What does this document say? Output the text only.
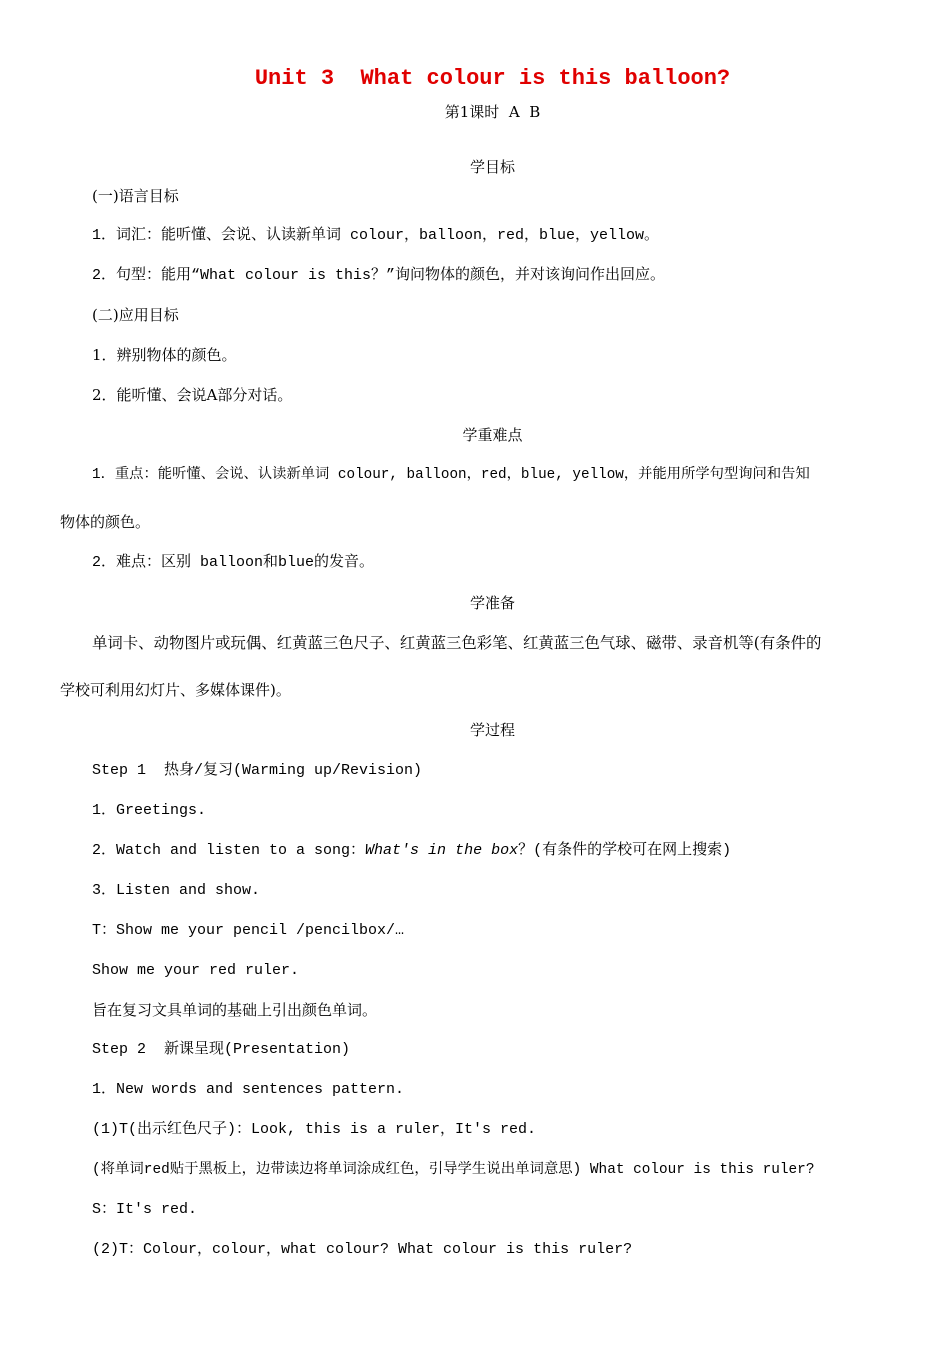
Unit 3  What colour is this balloon?
第1课时  A  B
学目标
(一)语言目标
1．词汇：能听懂、会说、认读新单词 colour，balloon，red，blue，yellow。
2．句型：能用“What colour is this？”询问物体的颜色，并对该询问作出回应。
(二)应用目标
1．辨别物体的颜色。
2．能听懂、会说A部分对话。
学重难点
1．重点：能听懂、会说、认读新单词 colour, balloon，red，blue, yellow，并能用所学句型询问和告知
物体的颜色。
2．难点：区别 balloon和blue的发音。
学准备
单词卡、动物图片或玩偶、红黄蓝三色尺子、红黄蓝三色彩笔、红黄蓝三色气球、磁带、录音机等(有条件的
学校可利用幻灯片、多媒体课件)。
学过程
Step 1  热身/复习(Warming up/Revision)
1．Greetings.
2．Watch and listen to a song：What's in the box？(有条件的学校可在网上搜索)
3．Listen and show.
T：Show me your pencil /pencilbox/…
Show me your red ruler.
旨在复习文具单词的基础上引出颜色单词。
Step 2  新课呈现(Presentation)
1．New words and sentences pattern.
(1)T(出示红色尺子)：Look, this is a ruler，It's red.
(将单词red贴于黑板上，边带读边将单词涂成红色，引导学生说出单词意思) What colour is this ruler?
S：It's red.
(2)T：Colour，colour，what colour? What colour is this ruler?
